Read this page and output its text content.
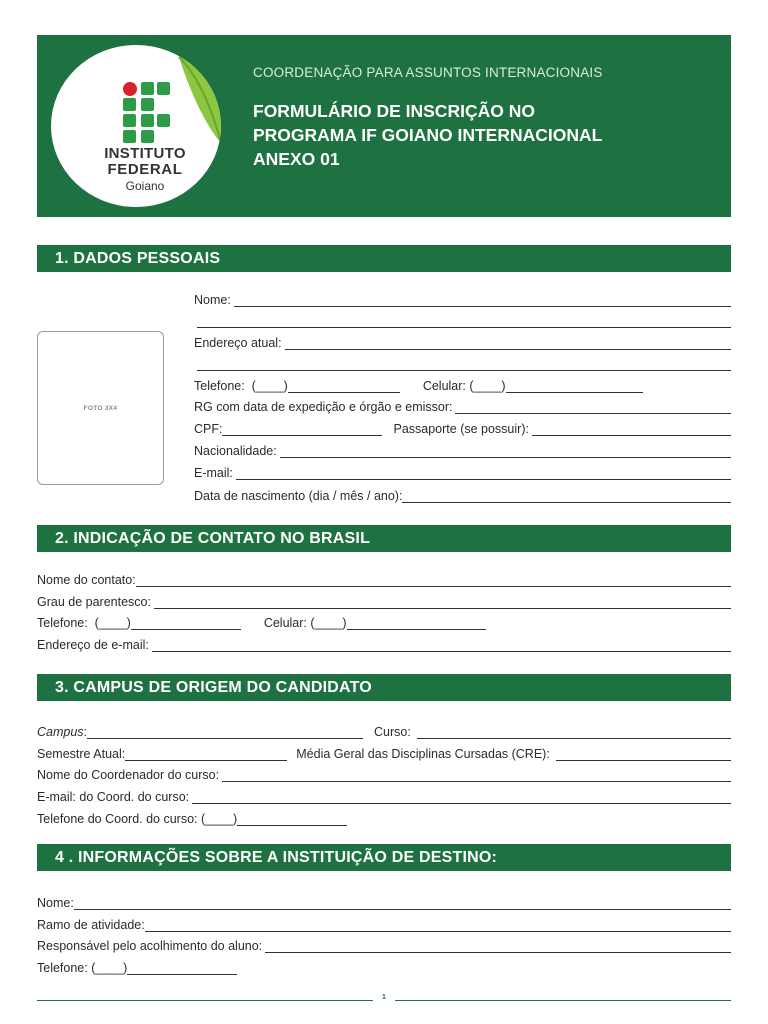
INSTITUTO
FEDERAL
Goiano
COORDENAÇÃO PARA ASSUNTOS INTERNACIONAIS
FORMULÁRIO DE INSCRIÇÃO NO
PROGRAMA IF GOIANO INTERNACIONAL
ANEXO 01
1. DADOS PESSOAIS
FOTO 3X4
Nome:
Endereço atual:
Telefone:  (____)	Celular: (____)
RG com data de expedição e órgão e emissor:
CPF:	Passaporte (se possuir):
Nacionalidade:
E-mail:
Data de nascimento (dia / mês / ano):
2. INDICAÇÃO DE CONTATO NO BRASIL
Nome do contato:
Grau de parentesco:
Telefone:  (____)	Celular: (____)
Endereço de e-mail:
3. CAMPUS DE ORIGEM DO CANDIDATO
Campus :	Curso:
Semestre Atual:	Média Geral das Disciplinas Cursadas (CRE):
Nome do Coordenador do curso:
E-mail: do Coord. do curso:
Telefone do Coord. do curso: (____)
4 . INFORMAÇÕES SOBRE A INSTITUIÇÃO DE DESTINO:
Nome:
Ramo de atividade:
Responsável pelo acolhimento do aluno:
Telefone: (____)
1
